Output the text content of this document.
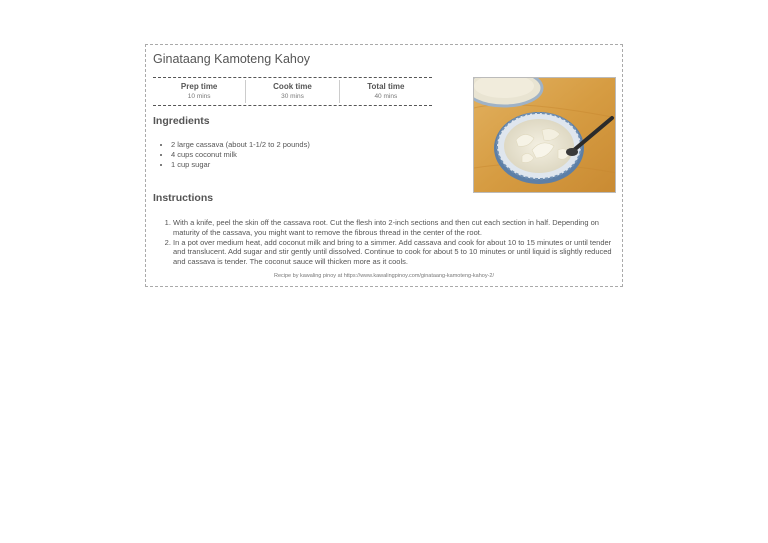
Ginataang Kamoteng Kahoy
Prep time
10 mins
Cook time
30 mins
Total time
40 mins
Ingredients
• 2 large cassava (about 1-1/2 to 2 pounds)
• 4 cups coconut milk
• 1 cup sugar
Instructions
1. With a knife, peel the skin off the cassava root. Cut the flesh into 2-inch sections and then cut each section in half. Depending on maturity of the cassava, you might want to remove the fibrous thread in the center of the root.
2. In a pot over medium heat, add coconut milk and bring to a simmer. Add cassava and cook for about 10 to 15 minutes or until tender and translucent. Add sugar and stir gently until dissolved. Continue to cook for about 5 to 10 minutes or until liquid is slightly reduced and cassava is tender. The coconut sauce will thicken more as it cools.
Recipe by kawaling pinoy at https://www.kawalingpinoy.com/ginataang-kamoteng-kahoy-2/
